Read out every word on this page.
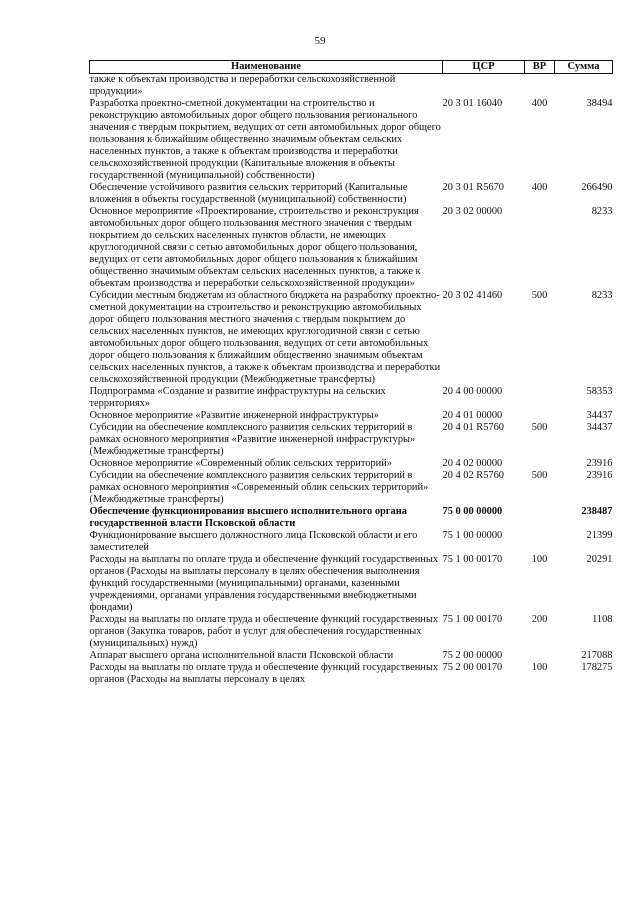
59
Наименование	ЦСР	ВР	Сумма
также к объектам производства и переработки сельскохозяйственной продукции»			
Разработка проектно-сметной документации на строительство и реконструкцию автомобильных дорог общего пользования регионального значения с твердым покрытием, ведущих от сети автомобильных дорог общего пользования к ближайшим общественно значимым объектам сельских населенных пунктов, а также к объектам производства и переработки сельскохозяйственной продукции (Капитальные вложения в объекты государственной (муниципальной) собственности)	20 3 01 16040	400	38494
Обеспечение устойчивого развития сельских территорий (Капитальные вложения в объекты государственной (муниципальной) собственности)	20 3 01 R5670	400	266490
Основное мероприятие «Проектирование, строительство и реконструкция автомобильных дорог общего пользования местного значения с твердым покрытием до сельских населенных пунктов области, не имеющих круглогодичной связи с сетью автомобильных дорог общего пользования, ведущих от сети автомобильных дорог общего пользования к ближайшим общественно значимым объектам сельских населенных пунктов, а также к объектам производства и переработки сельскохозяйственной продукции»	20 3 02 00000		8233
Субсидии местным бюджетам из областного бюджета на разработку проектно-сметной документации на строительство и реконструкцию автомобильных дорог общего пользования местного значения с твердым покрытием до сельских населенных пунктов, не имеющих круглогодичной связи с сетью автомобильных дорог общего пользования, ведущих от сети автомобильных дорог общего пользования к ближайшим общественно значимым объектам сельских населенных пунктов, а также к объектам производства и переработки сельскохозяйственной продукции (Межбюджетные трансферты)	20 3 02 41460	500	8233
Подпрограмма «Создание и развитие инфраструктуры на сельских территориях»	20 4 00 00000		58353
Основное мероприятие «Развитие инженерной инфраструктуры»	20 4 01 00000		34437
Субсидии на обеспечение комплексного развития сельских территорий в рамках основного мероприятия «Развитие инженерной инфраструктуры» (Межбюджетные трансферты)	20 4 01 R5760	500	34437
Основное мероприятие «Современный облик сельских территорий»	20 4 02 00000		23916
Субсидии на обеспечение комплексного развития сельских территорий в рамках основного мероприятия «Современный облик сельских территорий» (Межбюджетные трансферты)	20 4 02 R5760	500	23916
Обеспечение функционирования высшего исполнительного органа государственной власти Псковской области	75 0 00 00000		238487
Функционирование высшего должностного лица Псковской области и его заместителей	75 1 00 00000		21399
Расходы на выплаты по оплате труда и обеспечение функций государственных органов (Расходы на выплаты персоналу в целях обеспечения выполнения функций государственными (муниципальными) органами, казенными учреждениями, органами управления государственными внебюджетными фондами)	75 1 00 00170	100	20291
Расходы на выплаты по оплате труда и обеспечение функций государственных органов (Закупка товаров, работ и услуг для обеспечения государственных (муниципальных) нужд)	75 1 00 00170	200	1108
Аппарат высшего органа исполнительной власти Псковской области	75 2 00 00000		217088
Расходы на выплаты по оплате труда и обеспечение функций государственных органов (Расходы на выплаты персоналу в целях	75 2 00 00170	100	178275
